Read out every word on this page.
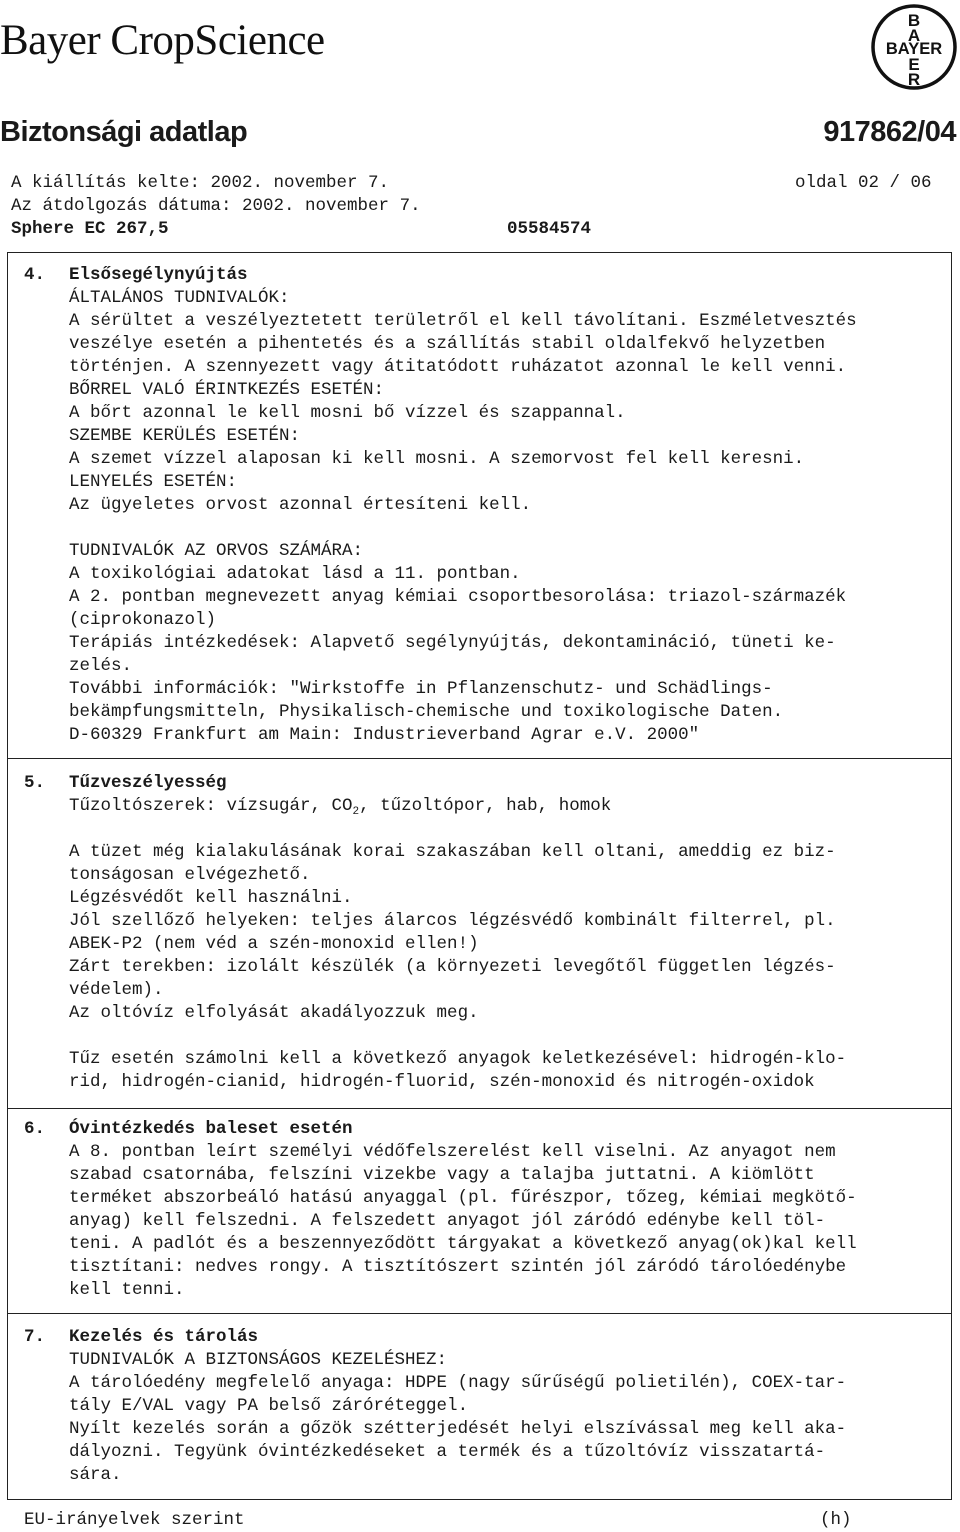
Bayer CropScience	B
A
BAYER
E
R
Biztonsági adatlap	917862/04
A kiállítás kelte: 2002. november 7.	oldal 02 / 06
Az átdolgozás dátuma: 2002. november 7.
Sphere EC 267,5	05584574
4. Elsősegélynyújtás
ÁLTALÁNOS TUDNIVALÓK:
A sérültet a veszélyeztetett területről el kell távolítani. Eszméletvesztés
veszélye esetén a pihentetés és a szállítás stabil oldalfekvő helyzetben
történjen. A szennyezett vagy átitatódott ruházatot azonnal le kell venni.
BŐRREL VALÓ ÉRINTKEZÉS ESETÉN:
A bőrt azonnal le kell mosni bő vízzel és szappannal.
SZEMBE KERÜLÉS ESETÉN:
A szemet vízzel alaposan ki kell mosni. A szemorvost fel kell keresni.
LENYELÉS ESETÉN:
Az ügyeletes orvost azonnal értesíteni kell.
TUDNIVALÓK AZ ORVOS SZÁMÁRA:
A toxikológiai adatokat lásd a 11. pontban.
A 2. pontban megnevezett anyag kémiai csoportbesorolása: triazol-származék
(ciprokonazol)
Terápiás intézkedések: Alapvető segélynyújtás, dekontamináció, tüneti ke-
zelés.
További információk: "Wirkstoffe in Pflanzenschutz- und Schädlings-
bekämpfungsmitteln, Physikalisch-chemische und toxikologische Daten.
D-60329 Frankfurt am Main: Industrieverband Agrar e.V. 2000"
5. Tűzveszélyesség
Tűzoltószerek: vízsugár, $CO_2$, tűzoltópor, hab, homok
A tüzet még kialakulásának korai szakaszában kell oltani, ameddig ez biz-
tonságosan elvégezhető.
Légzésvédőt kell használni.
Jól szellőző helyeken: teljes álarcos légzésvédő kombinált filterrel, pl.
ABEK-P2 (nem véd a szén-monoxid ellen!)
Zárt terekben: izolált készülék (a környezeti levegőtől független légzés-
védelem).
Az oltóvíz elfolyását akadályozzuk meg.
Tűz esetén számolni kell a következő anyagok keletkezésével: hidrogén-klo-
rid, hidrogén-cianid, hidrogén-fluorid, szén-monoxid és nitrogén-oxidok
6. Óvintézkedés baleset esetén
A 8. pontban leírt személyi védőfelszerelést kell viselni. Az anyagot nem
szabad csatornába, felszíni vizekbe vagy a talajba juttatni. A kiömlött
terméket abszorbeáló hatású anyaggal (pl. fűrészpor, tőzeg, kémiai megkötő-
anyag) kell felszedni. A felszedett anyagot jól záródó edénybe kell töl-
teni. A padlót és a beszennyeződött tárgyakat a következő anyag(ok)kal kell
tisztítani: nedves rongy. A tisztítószert szintén jól záródó tárolóedénybe
kell tenni.
7. Kezelés és tárolás
TUDNIVALÓK A BIZTONSÁGOS KEZELÉSHEZ:
A tárolóedény megfelelő anyaga: HDPE (nagy sűrűségű polietilén), COEX-tar-
tály E/VAL vagy PA belső záróréteggel.
Nyílt kezelés során a gőzök szétterjedését helyi elszívással meg kell aka-
dályozni. Tegyünk óvintézkedéseket a termék és a tűzoltóvíz visszatartá-
sára.
EU-irányelvek szerint	(h)
